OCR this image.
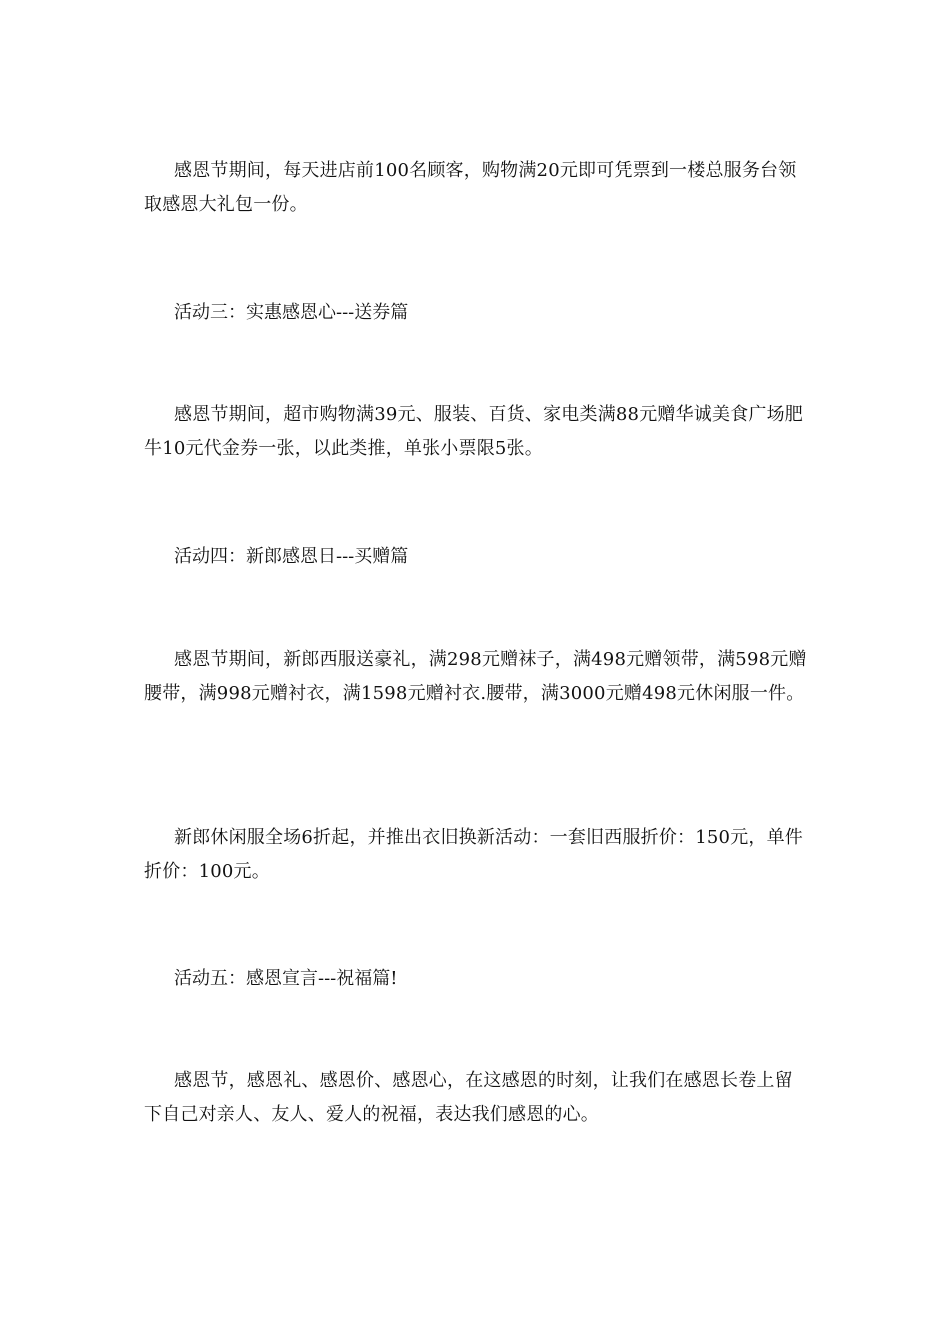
感恩节期间，每天进店前100名顾客，购物满20元即可凭票到一楼总服务台领取感恩大礼包一份。

活动三：实惠感恩心---送券篇

感恩节期间，超市购物满39元、服装、百货、家电类满88元赠华诚美食广场肥牛10元代金券一张，以此类推，单张小票限5张。

活动四：新郎感恩日---买赠篇

感恩节期间，新郎西服送豪礼，满298元赠袜子，满498元赠领带，满598元赠腰带，满998元赠衬衣，满1598元赠衬衣.腰带，满3000元赠498元休闲服一件。

新郎休闲服全场6折起，并推出衣旧换新活动：一套旧西服折价：150元，单件折价：100元。

活动五：感恩宣言---祝福篇!

感恩节，感恩礼、感恩价、感恩心，在这感恩的时刻，让我们在感恩长卷上留下自己对亲人、友人、爱人的祝福，表达我们感恩的心。
